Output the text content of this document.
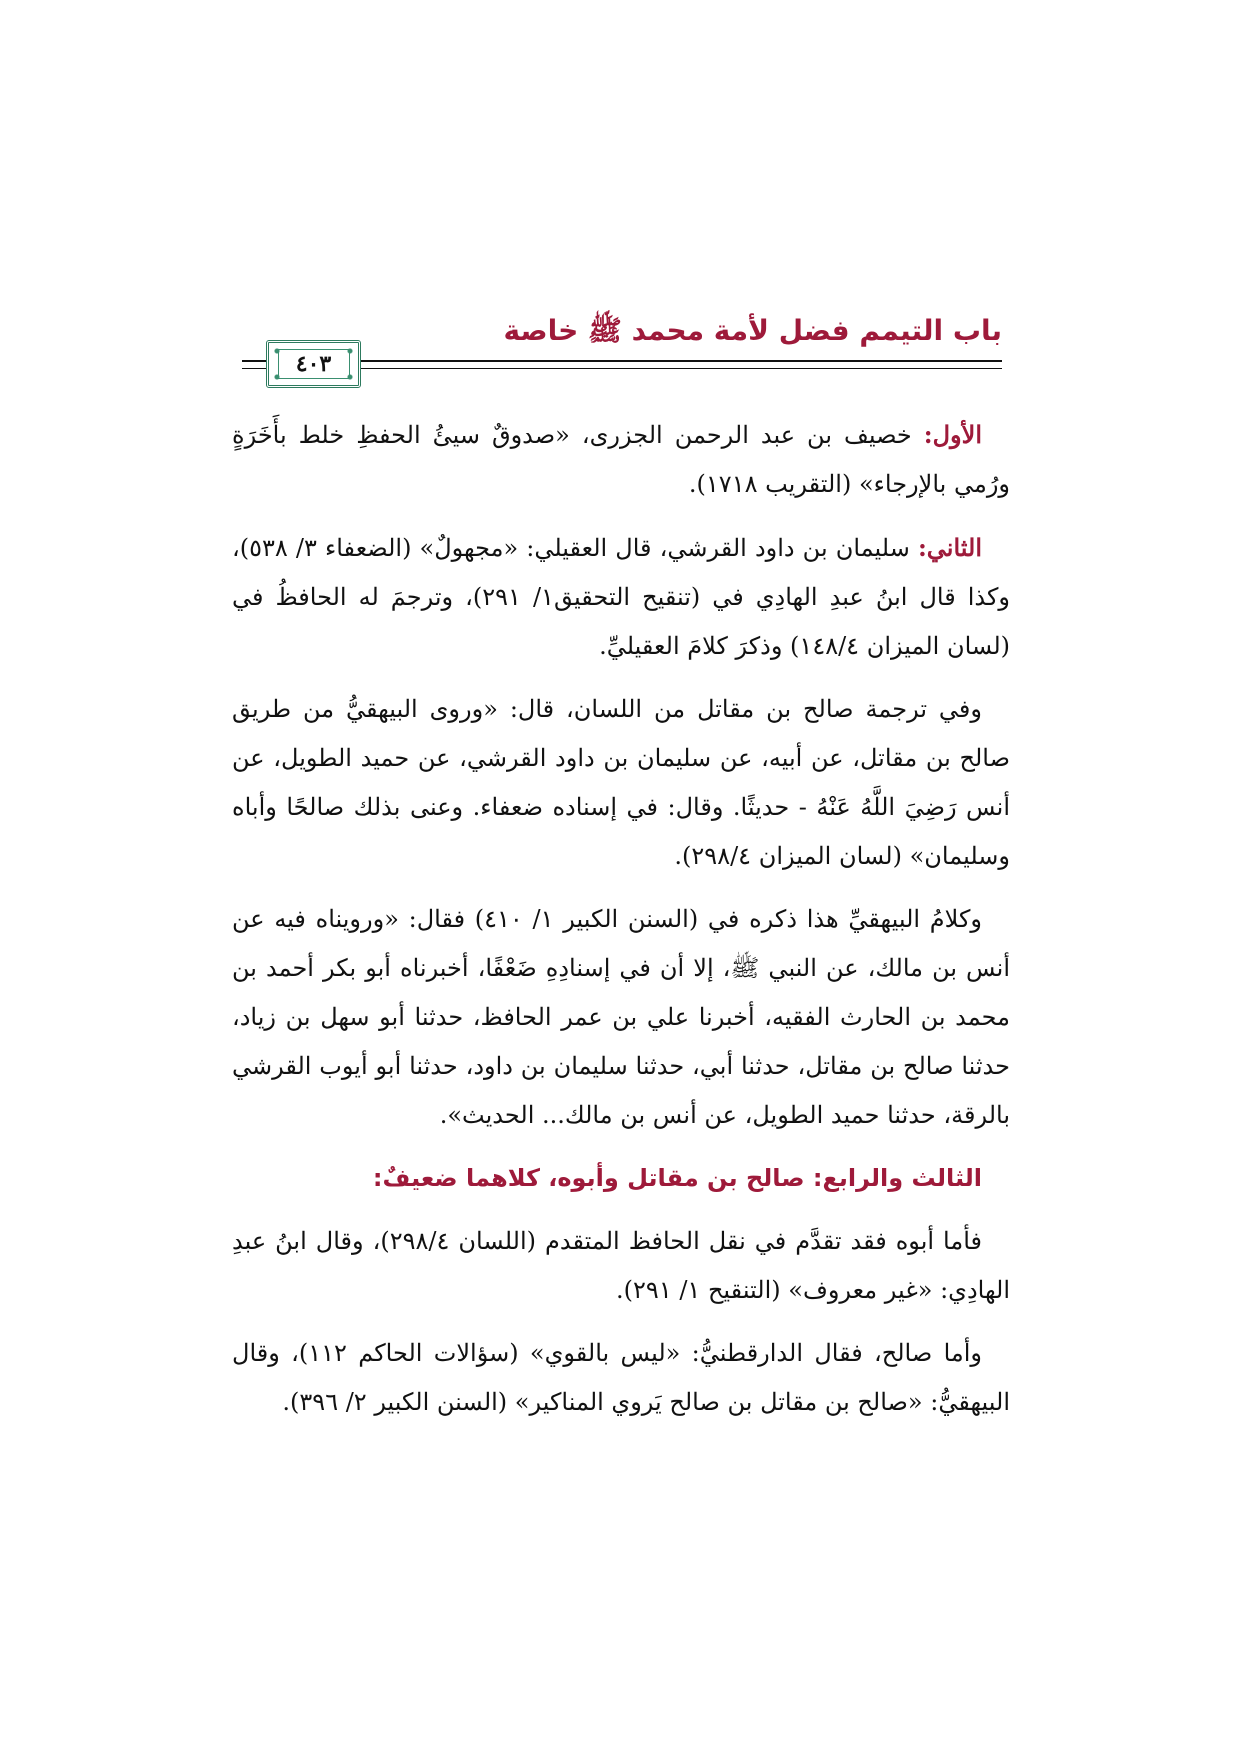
باب التيمم فضل لأمة محمد ﷺ خاصة
٤٠٣

الأول: خصيف بن عبد الرحمن الجزرى، «صدوقٌ سيئُ الحفظِ خلط بأَخَرَةٍ ورُمي بالإرجاء» (التقريب ١٧١٨).

الثاني: سليمان بن داود القرشي، قال العقيلي: «مجهولٌ» (الضعفاء ٣/ ٥٣٨)، وكذا قال ابنُ عبدِ الهادِي في (تنقيح التحقيق١/ ٢٩١)، وترجمَ له الحافظُ في (لسان الميزان ١٤٨/٤) وذكرَ كلامَ العقيليِّ.

وفي ترجمة صالح بن مقاتل من اللسان، قال: «وروى البيهقيُّ من طريق صالح بن مقاتل، عن أبيه، عن سليمان بن داود القرشي، عن حميد الطويل، عن أنس رَضِيَ اللَّهُ عَنْهُ - حديثًا. وقال: في إسناده ضعفاء. وعنى بذلك صالحًا وأباه وسليمان» (لسان الميزان ٢٩٨/٤).

وكلامُ البيهقيِّ هذا ذكره في (السنن الكبير ١/ ٤١٠) فقال: «ورويناه فيه عن أنس بن مالك، عن النبي ﷺ، إلا أن في إسنادِهِ ضَعْفًا، أخبرناه أبو بكر أحمد بن محمد بن الحارث الفقيه، أخبرنا علي بن عمر الحافظ، حدثنا أبو سهل بن زياد، حدثنا صالح بن مقاتل، حدثنا أبي، حدثنا سليمان بن داود، حدثنا أبو أيوب القرشي بالرقة، حدثنا حميد الطويل، عن أنس بن مالك... الحديث».

الثالث والرابع: صالح بن مقاتل وأبوه، كلاهما ضعيفٌ:

فأما أبوه فقد تقدَّم في نقل الحافظ المتقدم (اللسان ٢٩٨/٤)، وقال ابنُ عبدِ الهادِي: «غير معروف» (التنقيح ١/ ٢٩١).

وأما صالح، فقال الدارقطنيُّ: «ليس بالقوي» (سؤالات الحاكم ١١٢)، وقال البيهقيُّ: «صالح بن مقاتل بن صالح يَروي المناكير» (السنن الكبير ٢/ ٣٩٦).
